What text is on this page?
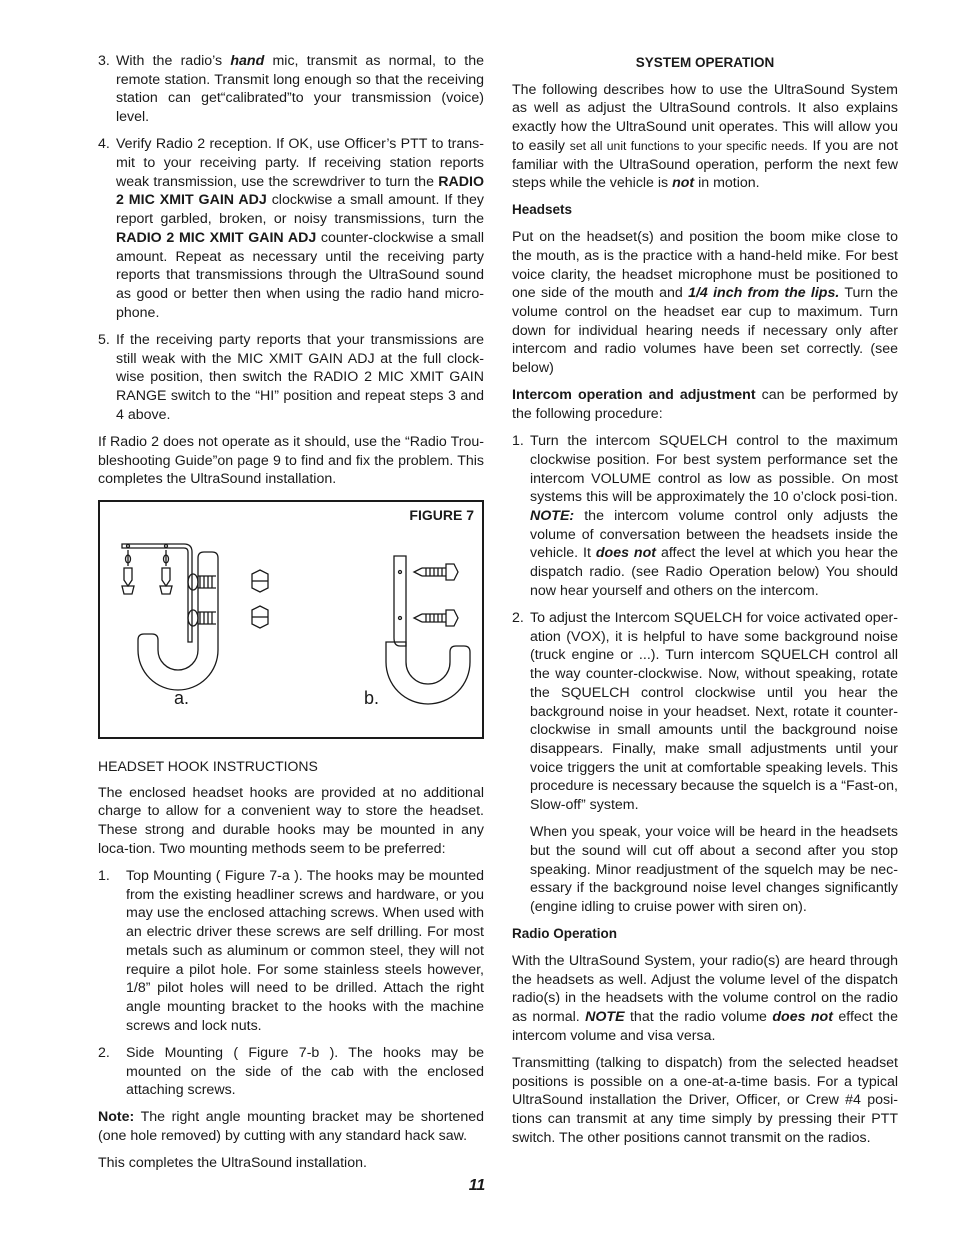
3. With the radio’s hand mic, transmit as normal, to the remote station. Transmit long enough so that the receiving station can get“calibrated”to your transmission (voice) level.
4. Verify Radio 2 reception. If OK, use Officer’s PTT to trans-mit to your receiving party. If receiving station reports weak transmission, use the screwdriver to turn the RADIO 2 MIC XMIT GAIN ADJ clockwise a small amount. If they report garbled, broken, or noisy transmissions, turn the RADIO 2 MIC XMIT GAIN ADJ counter-clockwise a small amount. Repeat as necessary until the receiving party reports that transmissions through the UltraSound sound as good or better then when using the radio hand micro-phone.
5. If the receiving party reports that your transmissions are still weak with the MIC XMIT GAIN ADJ at the full clock-wise position, then switch the RADIO 2 MIC XMIT GAIN RANGE switch to the “HI” position and repeat steps 3 and 4 above.

If Radio 2 does not operate as it should, use the “Radio Trou-bleshooting Guide”on page 9 to find and fix the problem. This completes the UltraSound installation.

FIGURE 7
a.	b.
HEADSET HOOK INSTRUCTIONS

The enclosed headset hooks are provided at no additional charge to allow for a convenient way to store the headset. These strong and durable hooks may be mounted in any loca-tion. Two mounting methods seem to be preferred:

1.	Top Mounting ( Figure 7-a ). The hooks may be mounted from the existing headliner screws and hardware, or you may use the enclosed attaching screws. When used with an electric driver these screws are self drilling. For most metals such as aluminum or common steel, they will not require a pilot hole. For some stainless steels however, 1/8” pilot holes will need to be drilled. Attach the right angle mounting bracket to the hooks with the machine screws and lock nuts.
2.	Side Mounting ( Figure 7-b ). The hooks may be mounted on the side of the cab with the enclosed attaching screws.

Note: The right angle mounting bracket may be shortened (one hole removed) by cutting with any standard hack saw.

This completes the UltraSound installation.

SYSTEM OPERATION

The following describes how to use the UltraSound System as well as adjust the UltraSound controls. It also explains exactly how the UltraSound unit operates. This will allow you to easily set all unit functions to your specific needs. If you are not familiar with the UltraSound operation, perform the next few steps while the vehicle is not in motion.

Headsets

Put on the headset(s) and position the boom mike close to the mouth, as is the practice with a hand-held mike. For best voice clarity, the headset microphone must be positioned to one side of the mouth and 1/4 inch from the lips. Turn the volume control on the headset ear cup to maximum. Turn down for individual hearing needs if necessary only after intercom and radio volumes have been set correctly. (see below)

Intercom operation and adjustment can be performed by the following procedure:

1. Turn the intercom SQUELCH control to the maximum clockwise position. For best system performance set the intercom VOLUME control as low as possible. On most systems this will be approximately the 10 o’clock posi-tion. NOTE: the intercom volume control only adjusts the volume of conversation between the headsets inside the vehicle. It does not affect the level at which you hear the dispatch radio. (see Radio Operation below) You should now hear yourself and others on the intercom.
2. To adjust the Intercom SQUELCH for voice activated oper-ation (VOX), it is helpful to have some background noise (truck engine or ...). Turn intercom SQUELCH control all the way counter-clockwise. Now, without speaking, rotate the SQUELCH control clockwise until you hear the background noise in your headset. Next, rotate it counter-clockwise in small amounts until the background noise disappears. Finally, make small adjustments until your voice triggers the unit at comfortable speaking levels. This procedure is necessary because the squelch is a “Fast-on, Slow-off” system.
When you speak, your voice will be heard in the headsets but the sound will cut off about a second after you stop speaking. Minor readjustment of the squelch may be nec-essary if the background noise level changes significantly (engine idling to cruise power with siren on).
Radio Operation

With the UltraSound System, your radio(s) are heard through the headsets as well. Adjust the volume level of the dispatch radio(s) in the headsets with the volume control on the radio as normal. NOTE that the radio volume does not effect the intercom volume and visa versa.

Transmitting (talking to dispatch) from the selected headset positions is possible on a one-at-a-time basis. For a typical UltraSound installation the Driver, Officer, or Crew #4 posi-tions can transmit at any time simply by pressing their PTT switch. The other positions cannot transmit on the radios.

11
